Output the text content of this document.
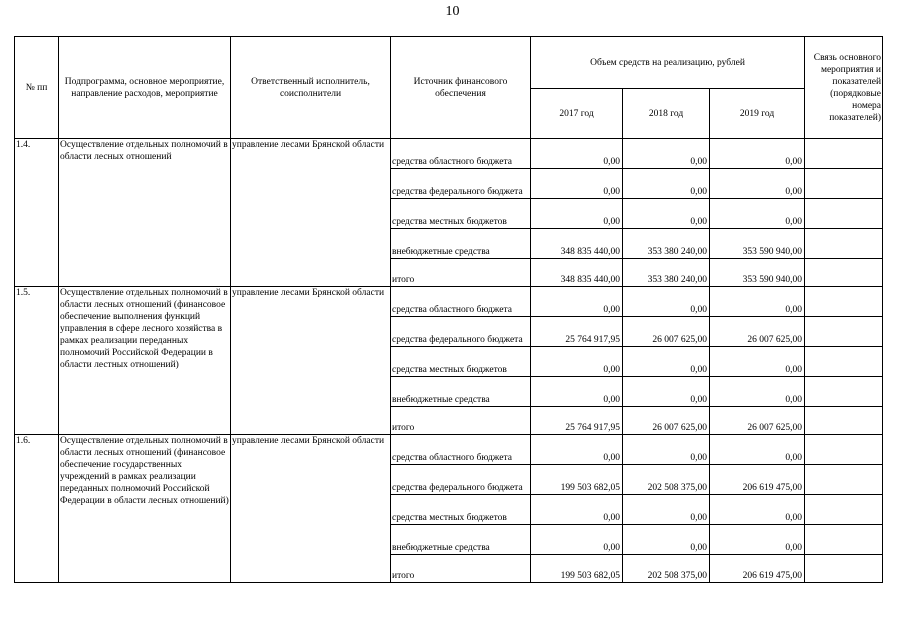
10
№ пп	Подпрограмма, основное мероприятие, направление расходов, мероприятие	Ответственный исполнитель, соисполнители	Источник финансового обеспечения	Объем средств на реализацию, рублей			Связь основного мероприятия и показателей (порядковые номера показателей)
				2017 год	2018 год	2019 год	
1.4.	Осуществление отдельных полномочий в области лесных отношений	управление лесами Брянской области	средства областного бюджета	0,00	0,00	0,00	
			средства федерального бюджета	0,00	0,00	0,00	
			средства местных бюджетов	0,00	0,00	0,00	
			внебюджетные средства	348 835 440,00	353 380 240,00	353 590 940,00	
			итого	348 835 440,00	353 380 240,00	353 590 940,00	
1.5.	Осуществление отдельных полномочий в области лесных отношений (финансовое обеспечение выполнения функций управления в сфере лесного хозяйства в рамках реализации переданных полномочий Российской Федерации в области лестных отношений)	управление лесами Брянской области	средства областного бюджета	0,00	0,00	0,00	
			средства федерального бюджета	25 764 917,95	26 007 625,00	26 007 625,00	
			средства местных бюджетов	0,00	0,00	0,00	
			внебюджетные средства	0,00	0,00	0,00	
			итого	25 764 917,95	26 007 625,00	26 007 625,00	
1.6.	Осуществление отдельных полномочий в области лесных отношений (финансовое обеспечение государственных учреждений в рамках реализации переданных полномочий Российской Федерации в области лесных отношений)	управление лесами Брянской области	средства областного бюджета	0,00	0,00	0,00	
			средства федерального бюджета	199 503 682,05	202 508 375,00	206 619 475,00	
			средства местных бюджетов	0,00	0,00	0,00	
			внебюджетные средства	0,00	0,00	0,00	
			итого	199 503 682,05	202 508 375,00	206 619 475,00	
